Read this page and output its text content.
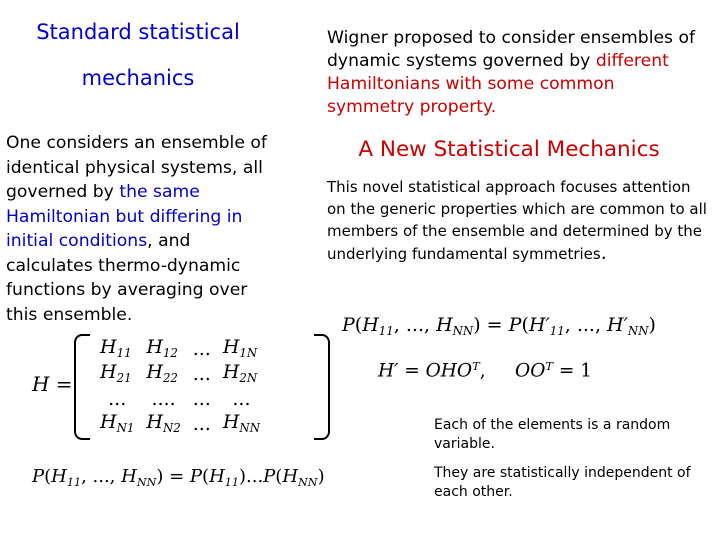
Standard statistical
mechanics
One considers an ensemble of identical physical systems, all governed by the same Hamiltonian but differing in initial conditions, and calculates thermo-dynamic functions by averaging over this ensemble.
Wigner proposed to consider ensembles of dynamic systems governed by different Hamiltonians with some common symmetry property.
A New Statistical Mechanics
This novel statistical approach focuses attention on the generic properties which are common to all members of the ensemble and determined by the underlying fundamental symmetries.
H =
$H_{11}$	$H_{12}$	...	$H_{1N}$
$H_{21}$	$H_{22}$	...	$H_{2N}$
...	....	...	...
$H_{N1}$	$H_{N2}$	...	$H_{NN}$
$P(H_{11}$, ..., $H_{NN}) = P(H'_{11}$, ..., $H'_{NN}$)
$H' = OHO^T$,     $OO^T = 1$
$P(H_{11}$, ..., $H_{NN}) = P(H_{11})...P(H_{NN})$
Each of the elements is a random variable.
They are statistically independent of each other.
